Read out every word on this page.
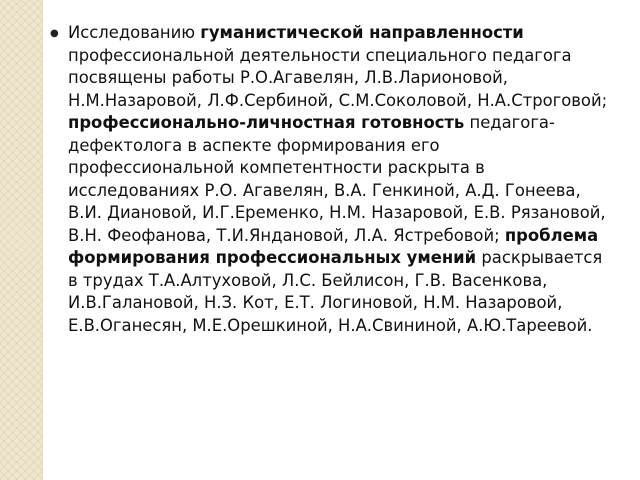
● Исследованию гуманистической направленности профессиональной деятельности специального педагога посвящены работы Р.О.Агавелян, Л.В.Ларионовой, Н.М.Назаровой, Л.Ф.Сербиной, С.М.Соколовой, Н.А.Строговой; профессионально-личностная готовность педагога-дефектолога в аспекте формирования его профессиональной компетентности раскрыта в исследованиях Р.О. Агавелян, В.А. Генкиной, А.Д. Гонеева, В.И. Диановой, И.Г.Еременко, Н.М. Назаровой, Е.В. Рязановой, В.Н. Феофанова, Т.И.Яндановой, Л.А. Ястребовой; проблема формирования профессиональных умений раскрывается в трудах Т.А.Алтуховой, Л.С. Бейлисон, Г.В. Васенкова, И.В.Галановой, Н.З. Кот, Е.Т. Логиновой, Н.М. Назаровой, Е.В.Оганесян, М.Е.Орешкиной, Н.А.Свининой, А.Ю.Тареевой.
